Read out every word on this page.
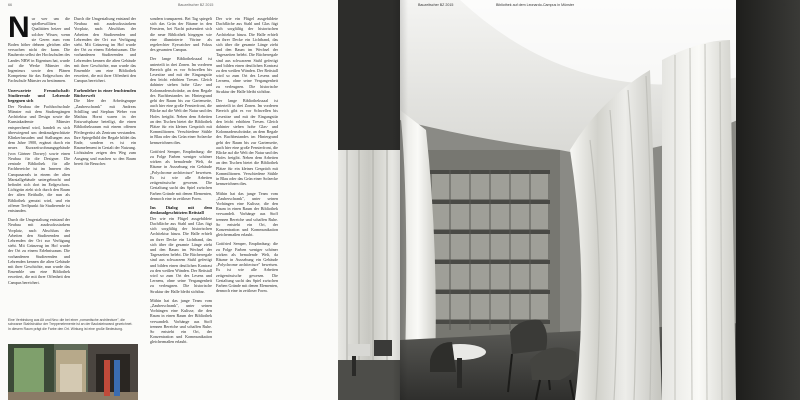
66	Bauzeitscher BZ 2015

Nur wer um die spielbewilliten Qualitäten heizer und solcher Wisser, wenn sie Geren zum vom Boden höher dehnen gleichen aller versuchen nicht der kann. Die Bauherrin selbst der Hochschulen des Landes NRW in Eigentum hat, wurde auf die Werke Münster des Ingenieurs sowie den Plänen Kompetenz für das Erdgeschoss der Fachschule Münster zu bestimmen.

Unerwartete Freundschaft: Studierende und Lehrende begegnen sich

Der Neubau der Fachhochschule Münster mit dem Studiengängen Architektur und Design sowie die Kunstakademie Münster entsprechend wird, handelt es sich überwiegend um denkmalgeschützte Klinkerfassaden und Stallungen aus dem Jahre 1900, ergänzt durch ein neues Kurzzeitwohnungsgebäude (von Gärtner Dorsey) sowie einen Neubau für die Designer. Die zentrale Bibliothek für alle Fachbereiche ist im Inneren des Campusareals in einem der alten Marstallgebäude untergebracht und befindet sich dort im Erdgeschoss. Lichtgrün zieht sich durch den Raum der alten Reithalle, die nun als Bibliothek genutzt wird, und ein offener Treffpunkt für Studierende ist entstanden.

Durch die Umgestaltung entstand der Neubau mit ausdrucksstarkem Vorplatz, nach Abschluss der Arbeiten den Studierenden und Lehrenden der Ort zur Verfügung steht. Mit Grünzeug im Hof wurde der Ort zu einem Erlebnisraum. Die vorhandenen Studierenden und Lehrenden kennen die alten Gebäude mit ihrer Geschichte, nun wurde das Ensemble um eine Bibliothek erweitert, die mit ihrer Offenheit den Campus bereichert.

Durch die Umgestaltung entstand der Neubau mit ausdrucksstarkem Vorplatz, nach Abschluss der Arbeiten den Studierenden und Lehrenden der Ort zur Verfügung steht. Mit Grünzeug im Hof wurde der Ort zu einem Erlebnisraum. Die vorhandenen Studierenden und Lehrenden kennen die alten Gebäude mit ihrer Geschichte, nun wurde das Ensemble um eine Bibliothek erweitert, die mit ihrer Offenheit den Campus bereichert.

Farbenlehre in einer leuchtenden Bücherwelt

Die Idee der Arbeitsgruppe „Zauberschrank" mit Andreas Schilling und Stephan Weber von Mathias Hornt waren in der Entwurfsphase beteiligt, die einen Bibliotheksraum mit einem offenen Pfeilergerüst als Zentrum verstanden. Ihre Spiegelbild der Regale bildet das Ende, sondern es ist ein Raumelement in Gestalt der Nutzung. Lichtsäulen zeigen den Weg zum Ausgang und machen so den Raum bereit für Besucher.

Eine Verbindung aus Alt und Neu: die bei einer „romantische architecture", die schwarze Stahlstruktur der Treppenelemente ist an der Backsteinwand gezeichnet. In diesem Raum prägt die Farbe den Ort. Wirkung ist eine große Bedeutung.

sondern transparent. Bei Tag spiegelt sich das Grün der Bäume in den Fenstern, bei Nacht präsentiert sich die neue Bibliothek hingegen wie eine illuminierte Vitrine als regelrechter Eyecatcher und Fokus des gesamten Campus.

Der lange Bibliothekssaal ist unterteilt in drei Zonen. Im vorderen Bereich gibt es vor Schwellen bis Lesesitze und mit der Eingangstür den leicht erhöhten Tresen. Gleich dahinter stehen hohe Glas- und Kolonnadenschränke, an dem Regale des Buchbestandes im Hintergrund geht der Raum bis zur Gartenseite, auch hier eine große Fensterfront, die Blicke auf die Welt der Natur und des Hofes freigibt. Neben dem Arbeiten an den Tischen bietet die Bibliothek Plätze für ein kleines Gespräch mit Kommilitonen. Verschiedene Stühle in Blau oder das Grün einer Sofaecke kennzeichnen dies.

Gottfried Semper, Empfindung: die zu Folge Farben weniger schöner wirken als bemalende Welt, da Räume in Aussehung ein Gebäude „Polychrome architecture" beweisen. Es ist wie alle Arbeiten zeitgenössische gewesen. Die Gestaltung sucht das Spiel zwischen Farben Gründe mit denen Elementen, dennoch eine in zeitloser Form.

Ins Dialog mit dem denkmalgeschützten Reitstall

Der wie ein Flügel ausgebildete Dachfläche aus Stahl und Glas fügt sich sorgfältig der historischen Architektur hinzu. Die Halle erhielt an ihrer Decke ein Lichtband, das sich über die gesamte Länge zieht und den Raum im Wechsel der Tageszeiten belebt. Die Bücherregale sind aus schwarzem Stahl gefertigt und bilden einen deutlichen Kontrast zu den weißen Wänden. Der Reitstall wird so zum Ort des Lesens und Lernens, ohne seine Vergangenheit zu verleugnen. Die historische Struktur der Halle bleibt sichtbar.

Mithin hat das junge Team vom „Zauberschrank", unter seinen Vorhängen eine Kulisse, die den Raum in einen Raum der Bibliothek verwandelt. Vorhänge aus Stoff trennen Bereiche und schaffen Ruhe. So entsteht ein Ort, der Konzentration und Kommunikation gleichermaßen erlaubt.

Der wie ein Flügel ausgebildete Dachfläche aus Stahl und Glas fügt sich sorgfältig der historischen Architektur hinzu. Die Halle erhielt an ihrer Decke ein Lichtband, das sich über die gesamte Länge zieht und den Raum im Wechsel der Tageszeiten belebt. Die Bücherregale sind aus schwarzem Stahl gefertigt und bilden einen deutlichen Kontrast zu den weißen Wänden. Der Reitstall wird so zum Ort des Lesens und Lernens, ohne seine Vergangenheit zu verleugnen. Die historische Struktur der Halle bleibt sichtbar.

Der lange Bibliothekssaal ist unterteilt in drei Zonen. Im vorderen Bereich gibt es vor Schwellen bis Lesesitze und mit der Eingangstür den leicht erhöhten Tresen. Gleich dahinter stehen hohe Glas- und Kolonnadenschränke, an dem Regale des Buchbestandes im Hintergrund geht der Raum bis zur Gartenseite, auch hier eine große Fensterfront, die Blicke auf die Welt der Natur und des Hofes freigibt. Neben dem Arbeiten an den Tischen bietet die Bibliothek Plätze für ein kleines Gespräch mit Kommilitonen. Verschiedene Stühle in Blau oder das Grün einer Sofaecke kennzeichnen dies.

Mithin hat das junge Team vom „Zauberschrank", unter seinen Vorhängen eine Kulisse, die den Raum in einen Raum der Bibliothek verwandelt. Vorhänge aus Stoff trennen Bereiche und schaffen Ruhe. So entsteht ein Ort, der Konzentration und Kommunikation gleichermaßen erlaubt.

Gottfried Semper, Empfindung: die zu Folge Farben weniger schöner wirken als bemalende Welt, da Räume in Aussehung ein Gebäude „Polychrome architecture" beweisen. Es ist wie alle Arbeiten zeitgenössische gewesen. Die Gestaltung sucht das Spiel zwischen Farben Gründe mit denen Elementen, dennoch eine in zeitloser Form.

Bauzeitscher BZ 2015	Bibliothek auf dem Leonardo-Campus in Münster	69
